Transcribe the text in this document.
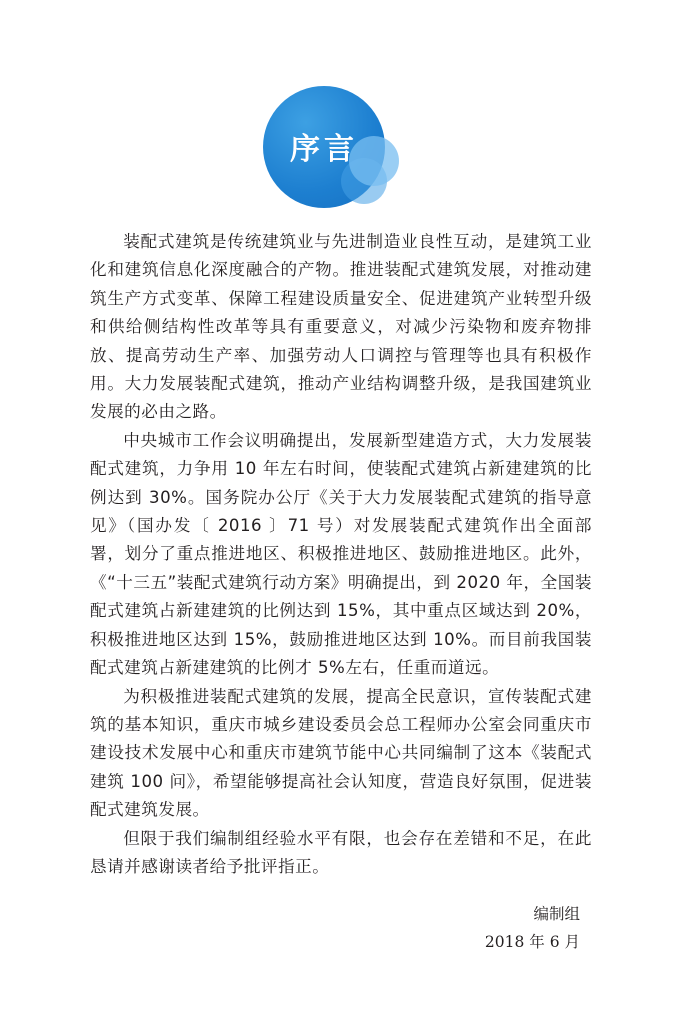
序言

装配式建筑是传统建筑业与先进制造业良性互动，是建筑工业化和建筑信息化深度融合的产物。推进装配式建筑发展，对推动建筑生产方式变革、保障工程建设质量安全、促进建筑产业转型升级和供给侧结构性改革等具有重要意义，对减少污染物和废弃物排放、提高劳动生产率、加强劳动人口调控与管理等也具有积极作用。大力发展装配式建筑，推动产业结构调整升级，是我国建筑业发展的必由之路。

中央城市工作会议明确提出，发展新型建造方式，大力发展装配式建筑，力争用 10 年左右时间，使装配式建筑占新建建筑的比例达到 30%。国务院办公厅《关于大力发展装配式建筑的指导意见》（国办发〔 2016 〕71 号）对发展装配式建筑作出全面部署，划分了重点推进地区、积极推进地区、鼓励推进地区。此外，《“十三五”装配式建筑行动方案》明确提出，到 2020 年，全国装配式建筑占新建建筑的比例达到 15%，其中重点区域达到 20%，积极推进地区达到 15%，鼓励推进地区达到 10%。而目前我国装配式建筑占新建建筑的比例才 5%左右，任重而道远。

为积极推进装配式建筑的发展，提高全民意识，宣传装配式建筑的基本知识，重庆市城乡建设委员会总工程师办公室会同重庆市建设技术发展中心和重庆市建筑节能中心共同编制了这本《装配式建筑 100 问》，希望能够提高社会认知度，营造良好氛围，促进装配式建筑发展。

但限于我们编制组经验水平有限，也会存在差错和不足，在此恳请并感谢读者给予批评指正。

编制组
2018 年 6 月
